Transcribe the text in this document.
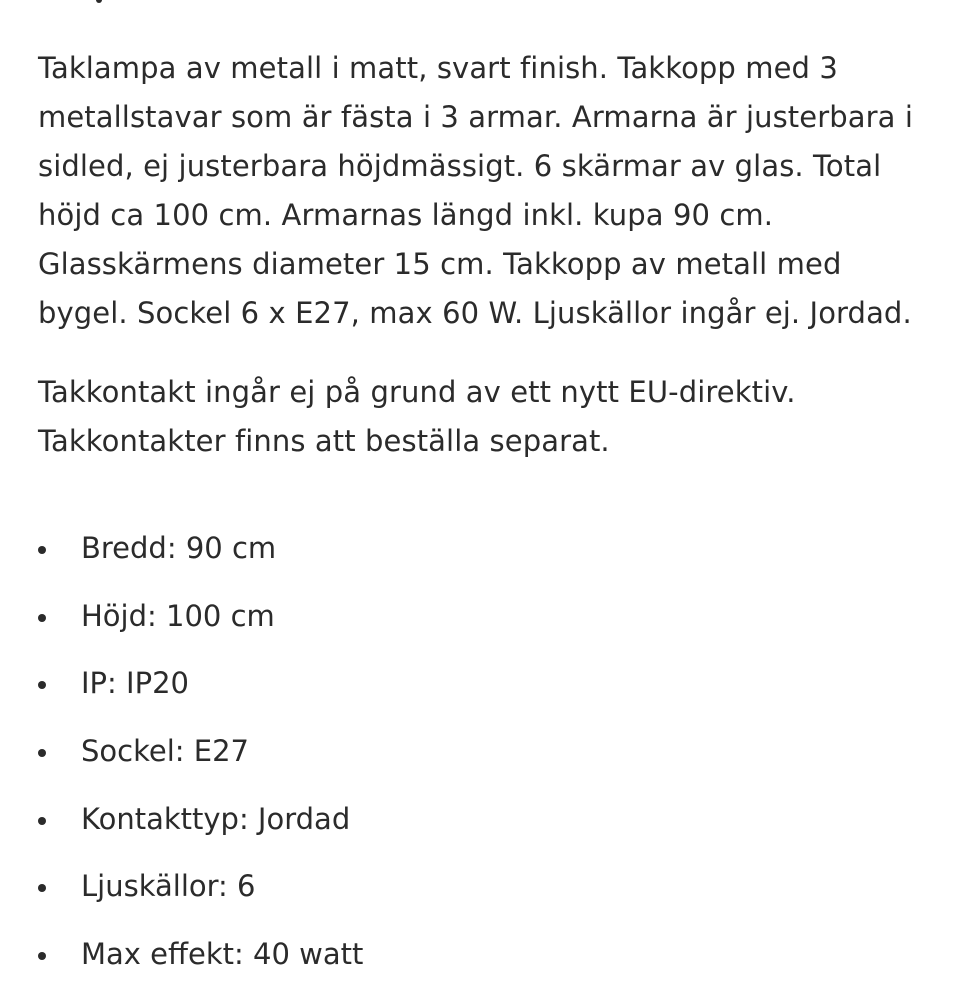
Taklampa av metall i matt, svart finish. Takkopp med 3 metallstavar som är fästa i 3 armar. Armarna är justerbara i sidled, ej justerbara höjdmässigt. 6 skärmar av glas. Total höjd ca 100 cm. Armarnas längd inkl. kupa 90 cm. Glasskärmens diameter 15 cm. Takkopp av metall med bygel. Sockel 6 x E27, max 60 W. Ljuskällor ingår ej. Jordad.

Takkontakt ingår ej på grund av ett nytt EU-direktiv. Takkontakter finns att beställa separat.

Bredd: 90 cm
Höjd: 100 cm
IP: IP20
Sockel: E27
Kontakttyp: Jordad
Ljuskällor: 6
Max effekt: 40 watt
